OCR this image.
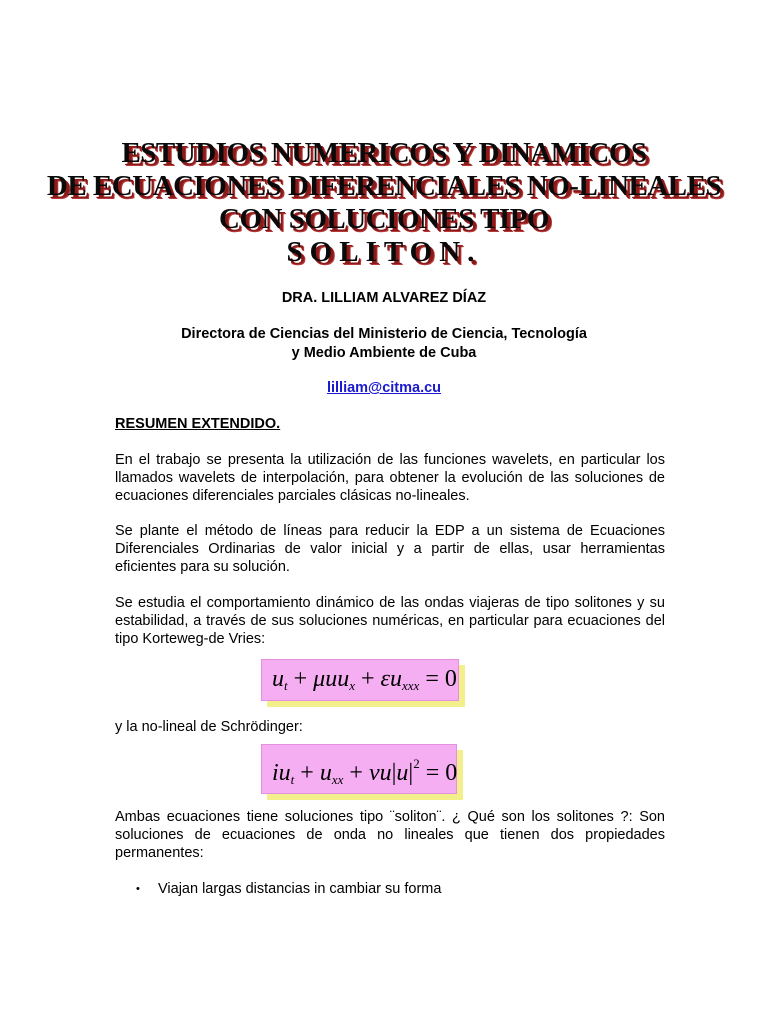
ESTUDIOS NUMERICOS Y DINAMICOS
DE ECUACIONES DIFERENCIALES NO-LINEALES
CON SOLUCIONES TIPO
SOLITON.

DRA. LILLIAM ALVAREZ DÍAZ

Directora de Ciencias del Ministerio de Ciencia, Tecnología

y Medio Ambiente de Cuba

lilliam@citma.cu

RESUMEN EXTENDIDO.

En el trabajo se presenta la utilización de las funciones wavelets, en particular los llamados wavelets de interpolación, para obtener la evolución de las soluciones de ecuaciones diferenciales parciales clásicas no-lineales.

Se plante el método de líneas para reducir la EDP a un sistema de Ecuaciones Diferenciales Ordinarias de valor inicial y a partir de ellas, usar herramientas eficientes para su solución.

Se estudia el comportamiento dinámico de las ondas viajeras de tipo solitones y su estabilidad, a través de sus soluciones numéricas, en particular para ecuaciones del tipo Korteweg-de Vries:

$u_t + \mu uu_x + \varepsilon u_{xxx} = 0$

y la no-lineal de Schrödinger:

$iu_t + u_{xx} + \nu u|u|^2 = 0$

Ambas ecuaciones tiene soluciones tipo ¨soliton¨. ¿ Qué son los solitones ?: Son soluciones de ecuaciones de onda no lineales que tienen dos propiedades permanentes:

•	Viajan largas distancias in cambiar su forma
